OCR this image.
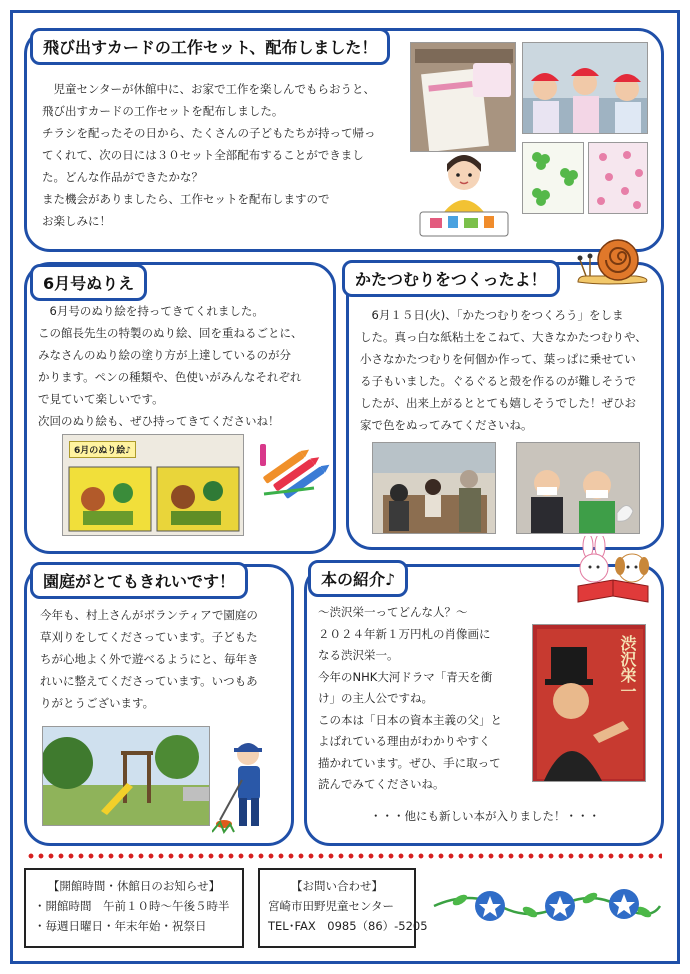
飛び出すカードの工作セット、配布しました！
　児童センターが休館中に、お家で工作を楽しんでもらおうと、
飛び出すカードの工作セットを配布しました。
チラシを配ったその日から、たくさんの子どもたちが持って帰っ
てくれて、次の日には３０セット全部配布することができまし
た。どんな作品ができたかな？
また機会がありましたら、工作セットを配布しますので
お楽しみに！
6月号ぬりえ
　6月号のぬり絵を持ってきてくれました。
この館長先生の特製のぬり絵、回を重ねるごとに、
みなさんのぬり絵の塗り方が上達しているのが分
かります。ペンの種類や、色使いがみんなそれぞれ
で見ていて楽しいです。
次回のぬり絵も、ぜひ持ってきてくださいね！
6月のぬり絵♪
かたつむりをつくったよ！
　6月１５日(火)、「かたつむりをつくろう」をしま
した。真っ白な紙粘土をこねて、大きなかたつむりや、
小さなかたつむりを何個か作って、葉っぱに乗せてい
る子もいました。ぐるぐると殻を作るのが難しそうで
したが、出来上がるととても嬉しそうでした！ぜひお
家で色をぬってみてくださいね。
園庭がとてもきれいです！
今年も、村上さんがボランティアで園庭の
草刈りをしてくださっています。子どもた
ちが心地よく外で遊べるようにと、毎年き
れいに整えてくださっています。いつもあ
りがとうございます。
本の紹介♪
～渋沢栄一ってどんな人？～
２０２４年新１万円札の肖像画に
なる渋沢栄一。
今年のNHK大河ドラマ「青天を衝
け」の主人公ですね。
この本は「日本の資本主義の父」と
よばれている理由がわかりやすく
描かれています。ぜひ、手に取って
読んでみてくださいね。
渋沢栄一
・・・他にも新しい本が入りました！・・・
【開館時間・休館日のお知らせ】
・開館時間　午前１０時～午後５時半
・毎週日曜日・年末年始・祝祭日
【お問い合わせ】
宮崎市田野児童センター
TEL･FAX　0985（86）-5205
